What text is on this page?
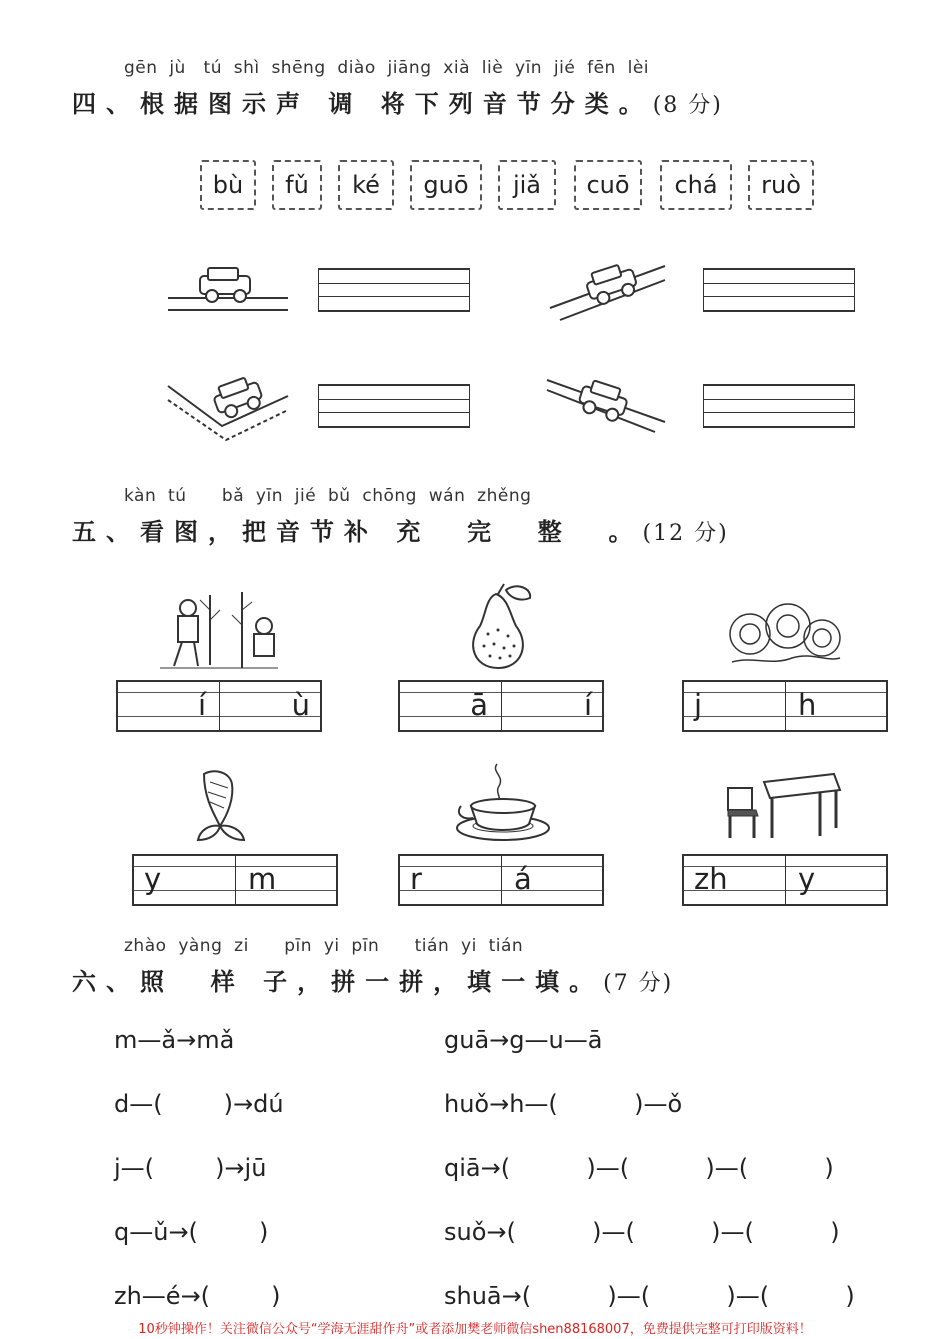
gēn  jù   tú  shì  shēng  diào  jiāng  xià  liè  yīn  jié  fēn  lèi
四、根据图示声 调 将下列音节分类。(8 分)
bù	fǔ	ké	guō	jiǎ	cuō	chá	ruò
kàn  tú      bǎ  yīn  jié  bǔ  chōng  wán  zhěng
五、看图，把音节补 充  完  整  。(12 分)
í	ù	ā	í	j	h
y	m	r	á	zh y
zhào  yàng  zi      pīn  yi  pīn      tián  yi  tián
六、照  样 子，拼一拼，填一填。(7 分)
m—ǎ→mǎ
d—(        )→dú
j—(        )→jū
q—ǔ→(        )
zh—é→(        )
guā→g—u—ā
huǒ→h—(          )—ǒ
qiā→(          )—(          )—(          )
suǒ→(          )—(          )—(          )
shuā→(          )—(          )—(          )
10秒钟操作！关注微信公众号“学海无涯甜作舟”或者添加樊老师微信shen88168007，免费提供完整可打印版资料！
